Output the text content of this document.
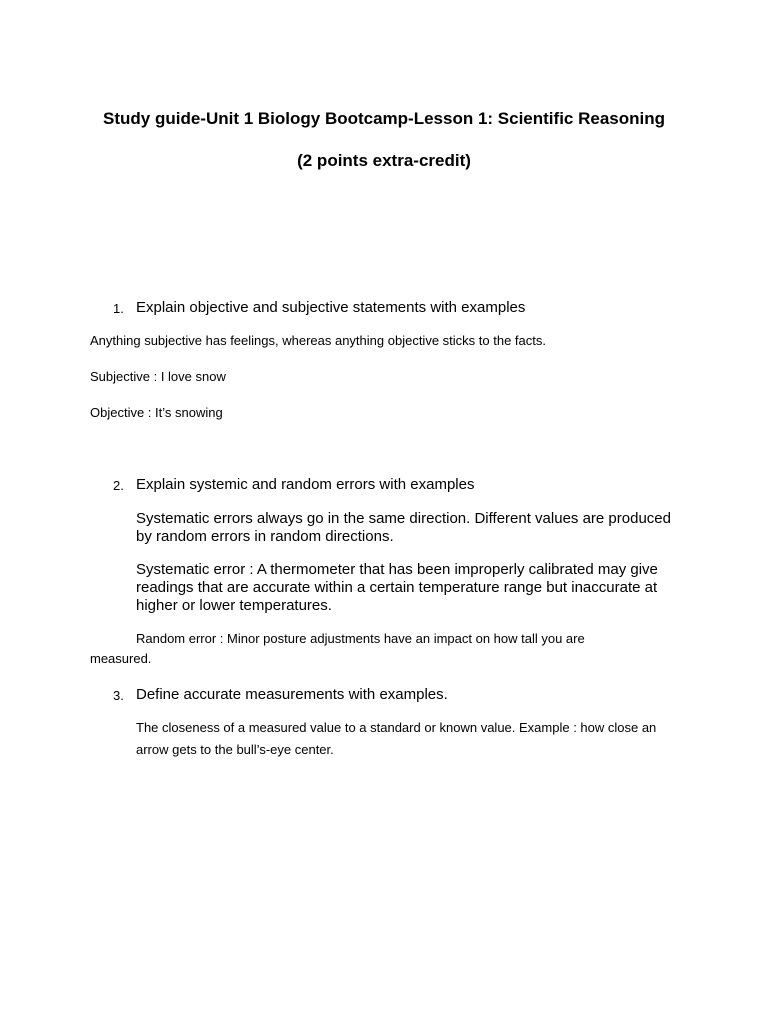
Study guide-Unit 1 Biology Bootcamp-Lesson 1: Scientific Reasoning
(2 points extra-credit)
1. Explain objective and subjective statements with examples

Anything subjective has feelings, whereas anything objective sticks to the facts.

Subjective : I love snow

Objective : It’s snowing

2. Explain systemic and random errors with examples

Systematic errors always go in the same direction. Different values are produced by random errors in random directions.

Systematic error : A thermometer that has been improperly calibrated may give readings that are accurate within a certain temperature range but inaccurate at higher or lower temperatures.

Random error : Minor posture adjustments have an impact on how tall you are measured.

3. Define accurate measurements with examples.

The closeness of a measured value to a standard or known value. Example : how close an arrow gets to the bull’s-eye center.
